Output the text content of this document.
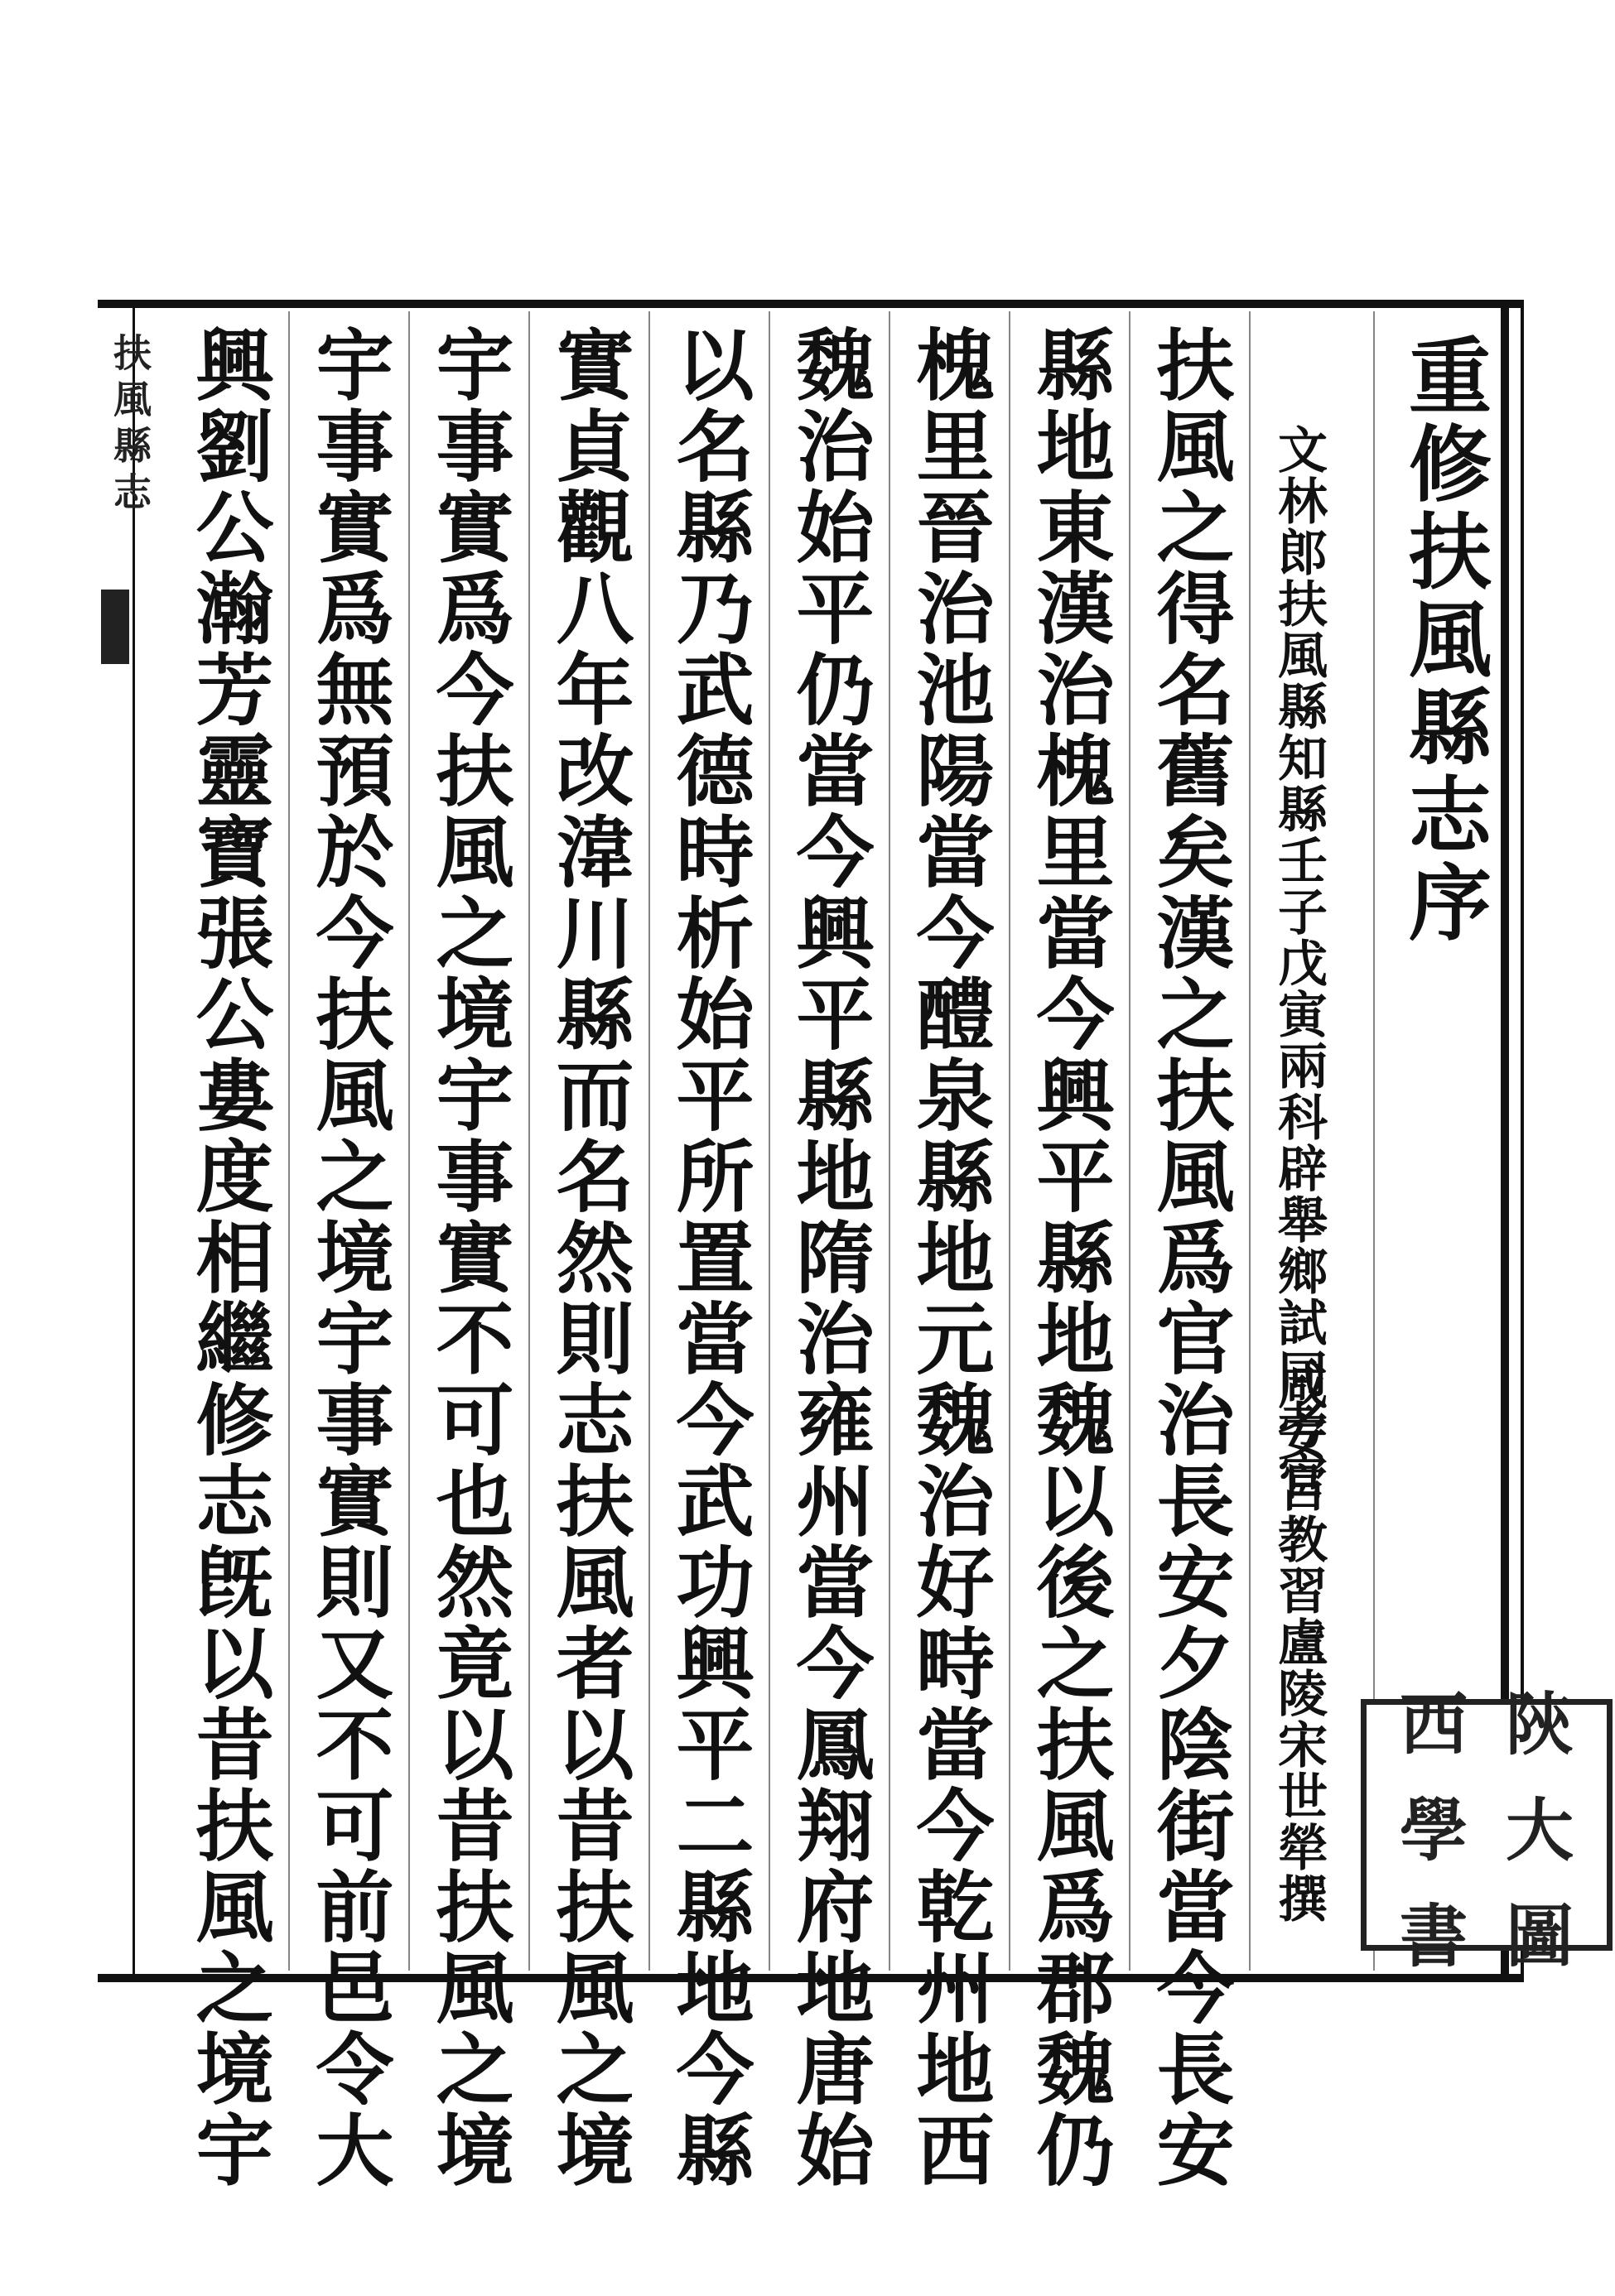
扶風縣志	重修扶風縣志序
文林郎扶風縣知縣壬子戊寅兩科辟舉鄉試同考官
咸安宮教習盧陵宋世犖撰
扶風之得名舊矣漢之扶風爲官治長安夕陰街當今長安
縣地東漢治槐里當今興平縣地魏以後之扶風爲郡魏仍
槐里晉治池陽當今醴泉縣地元魏治好畤當今乾州地西
魏治始平仍當今興平縣地隋治雍州當今鳳翔府地唐始
以名縣乃武德時析始平所置當今武功興平二縣地今縣
實貞觀八年改湋川縣而名然則志扶風者以昔扶風之境
宇事實爲今扶風之境宇事實不可也然竟以昔扶風之境
宇事實爲無預於今扶風之境宇事實則又不可前邑令大
興劉公瀚芳靈寶張公婁度相繼修志旣以昔扶風之境宇	陝
西
大
學
圖
書
